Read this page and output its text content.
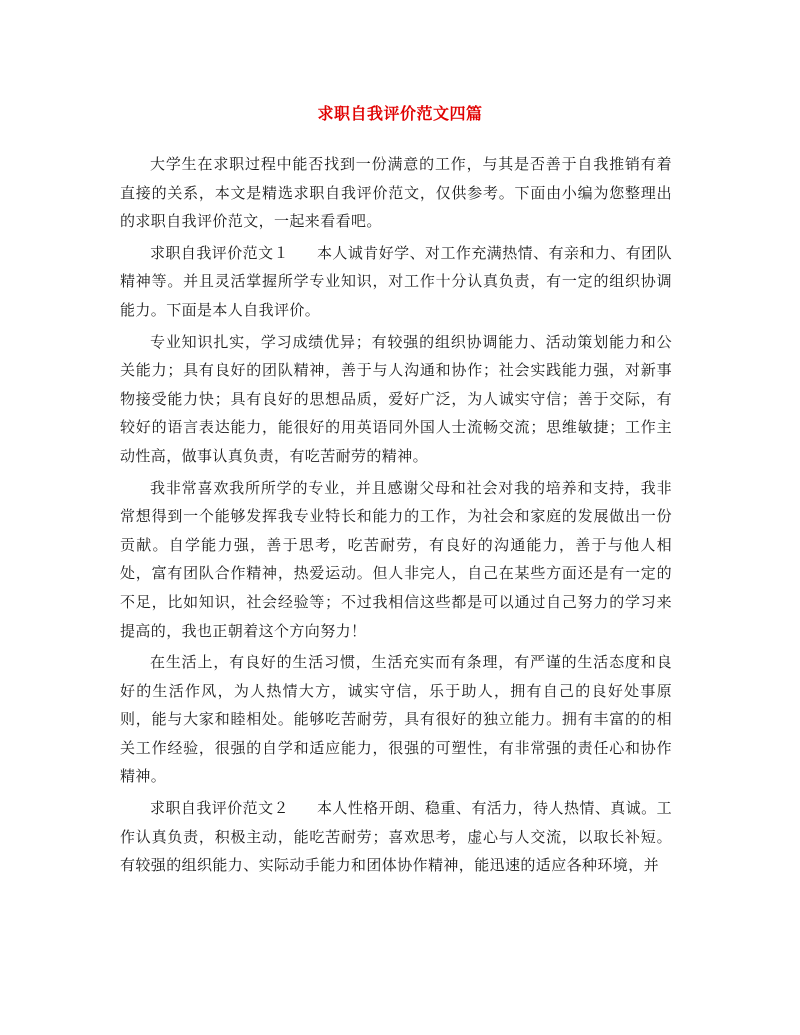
求职自我评价范文四篇

大学生在求职过程中能否找到一份满意的工作，与其是否善于自我推销有着直接的关系，本文是精选求职自我评价范文，仅供参考。下面由小编为您整理出的求职自我评价范文，一起来看看吧。

求职自我评价范文１ 本人诚肯好学、对工作充满热情、有亲和力、有团队精神等。并且灵活掌握所学专业知识，对工作十分认真负责，有一定的组织协调能力。下面是本人自我评价。

专业知识扎实，学习成绩优异；有较强的组织协调能力、活动策划能力和公关能力；具有良好的团队精神，善于与人沟通和协作；社会实践能力强，对新事物接受能力快；具有良好的思想品质，爱好广泛，为人诚实守信；善于交际，有较好的语言表达能力，能很好的用英语同外国人士流畅交流；思维敏捷；工作主动性高，做事认真负责，有吃苦耐劳的精神。

我非常喜欢我所所学的专业，并且感谢父母和社会对我的培养和支持，我非常想得到一个能够发挥我专业特长和能力的工作，为社会和家庭的发展做出一份贡献。自学能力强，善于思考，吃苦耐劳，有良好的沟通能力，善于与他人相处，富有团队合作精神，热爱运动。但人非完人，自己在某些方面还是有一定的不足，比如知识，社会经验等；不过我相信这些都是可以通过自己努力的学习来提高的，我也正朝着这个方向努力！

在生活上，有良好的生活习惯，生活充实而有条理，有严谨的生活态度和良好的生活作风，为人热情大方，诚实守信，乐于助人，拥有自己的良好处事原则，能与大家和睦相处。能够吃苦耐劳，具有很好的独立能力。拥有丰富的的相关工作经验，很强的自学和适应能力，很强的可塑性，有非常强的责任心和协作精神。

求职自我评价范文２ 本人性格开朗、稳重、有活力，待人热情、真诚。工作认真负责，积极主动，能吃苦耐劳；喜欢思考，虚心与人交流，以取长补短。有较强的组织能力、实际动手能力和团体协作精神，能迅速的适应各种环境，并
